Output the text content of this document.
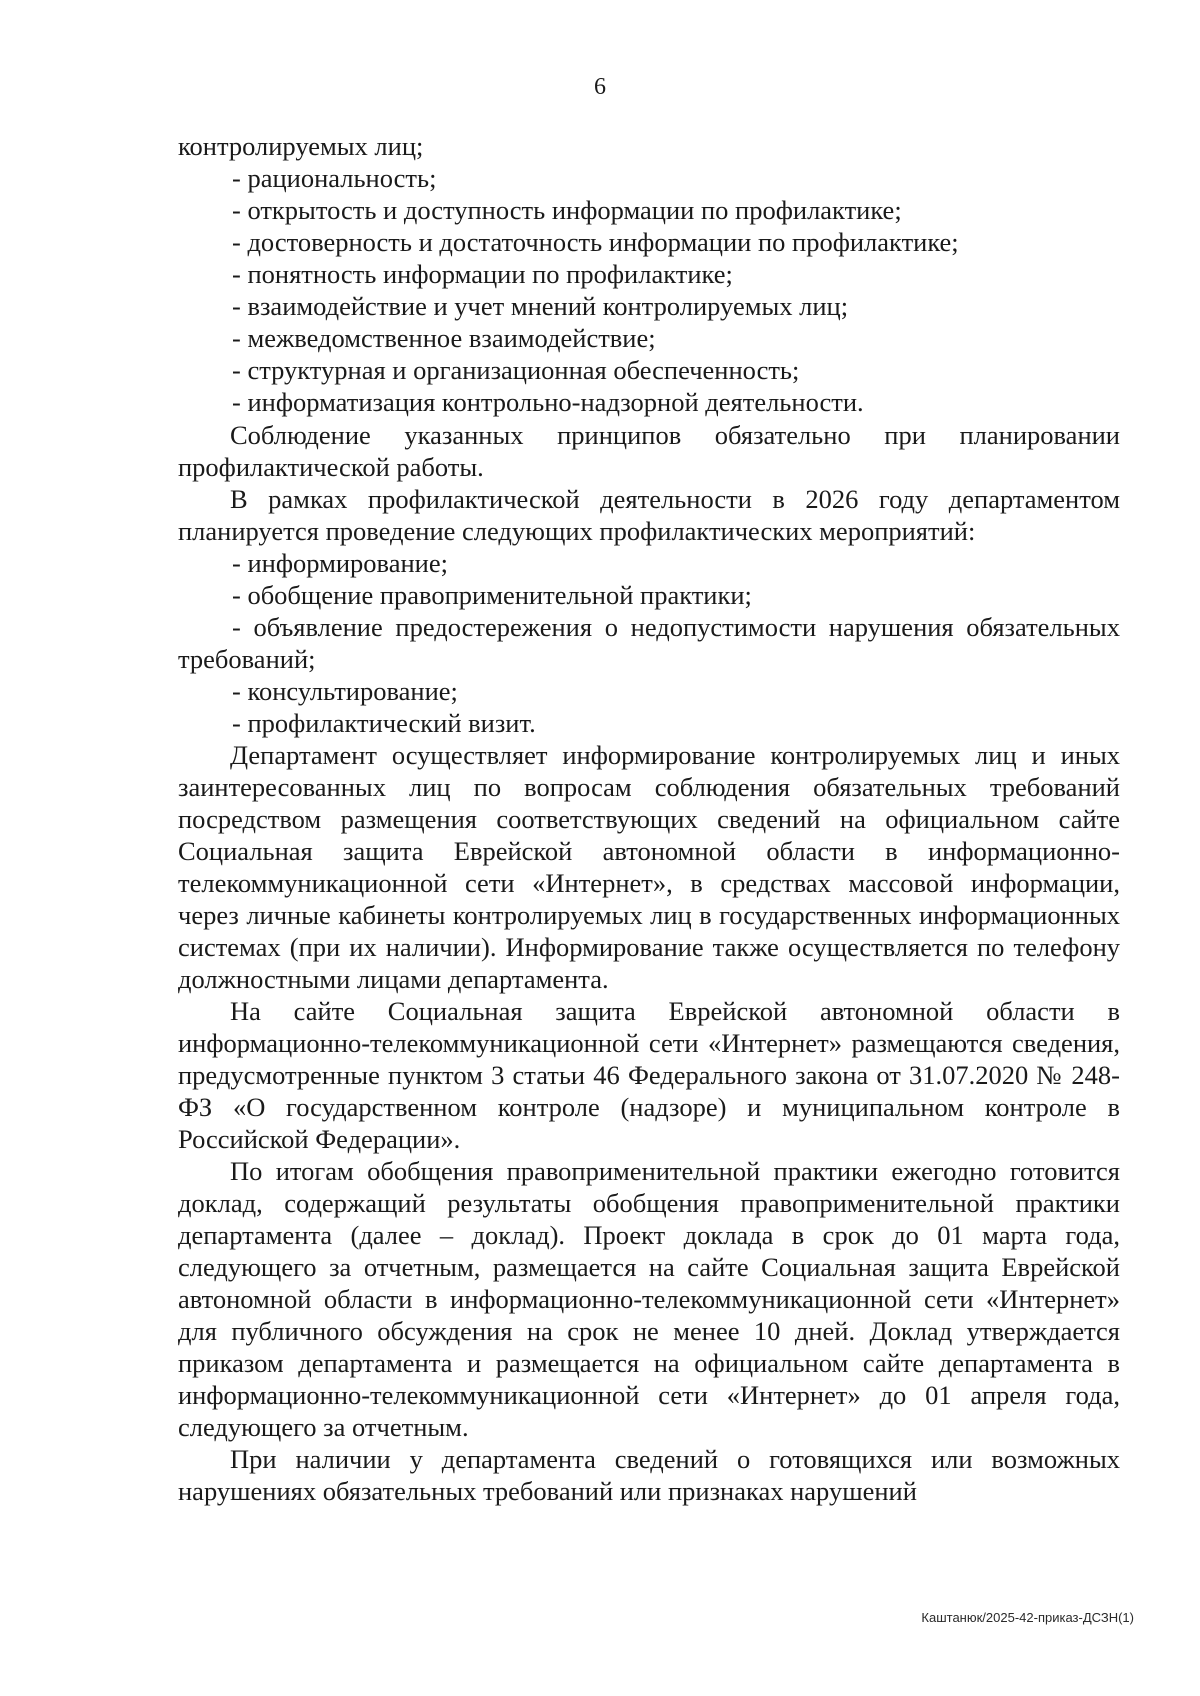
6

контролируемых лиц;

- рациональность;

- открытость и доступность информации по профилактике;

- достоверность и достаточность информации по профилактике;

- понятность информации по профилактике;

- взаимодействие и учет мнений контролируемых лиц;

- межведомственное взаимодействие;

- структурная и организационная обеспеченность;

- информатизация контрольно-надзорной деятельности.

Соблюдение указанных принципов обязательно при планировании профилактической работы.

В рамках профилактической деятельности в 2026 году департаментом планируется проведение следующих профилактических мероприятий:

- информирование;

- обобщение правоприменительной практики;

- объявление предостережения о недопустимости нарушения обязательных требований;

- консультирование;

- профилактический визит.

Департамент осуществляет информирование контролируемых лиц и иных заинтересованных лиц по вопросам соблюдения обязательных требований посредством размещения соответствующих сведений на официальном сайте Социальная защита Еврейской автономной области в информационно-телекоммуникационной сети «Интернет», в средствах массовой информации, через личные кабинеты контролируемых лиц в государственных информационных системах (при их наличии). Информирование также осуществляется по телефону должностными лицами департамента.

На сайте Социальная защита Еврейской автономной области в информационно-телекоммуникационной сети «Интернет» размещаются сведения, предусмотренные пунктом 3 статьи 46 Федерального закона от 31.07.2020 № 248-ФЗ «О государственном контроле (надзоре) и муниципальном контроле в Российской Федерации».

По итогам обобщения правоприменительной практики ежегодно готовится доклад, содержащий результаты обобщения правоприменительной практики департамента (далее – доклад). Проект доклада в срок до 01 марта года, следующего за отчетным, размещается на сайте Социальная защита Еврейской автономной области в информационно-телекоммуникационной сети «Интернет» для публичного обсуждения на срок не менее 10 дней. Доклад утверждается приказом департамента и размещается на официальном сайте департамента в информационно-телекоммуникационной сети «Интернет» до 01 апреля года, следующего за отчетным.

При наличии у департамента сведений о готовящихся или возможных нарушениях обязательных требований или признаках нарушений

Каштанюк/2025-42-приказ-ДСЗН(1)
